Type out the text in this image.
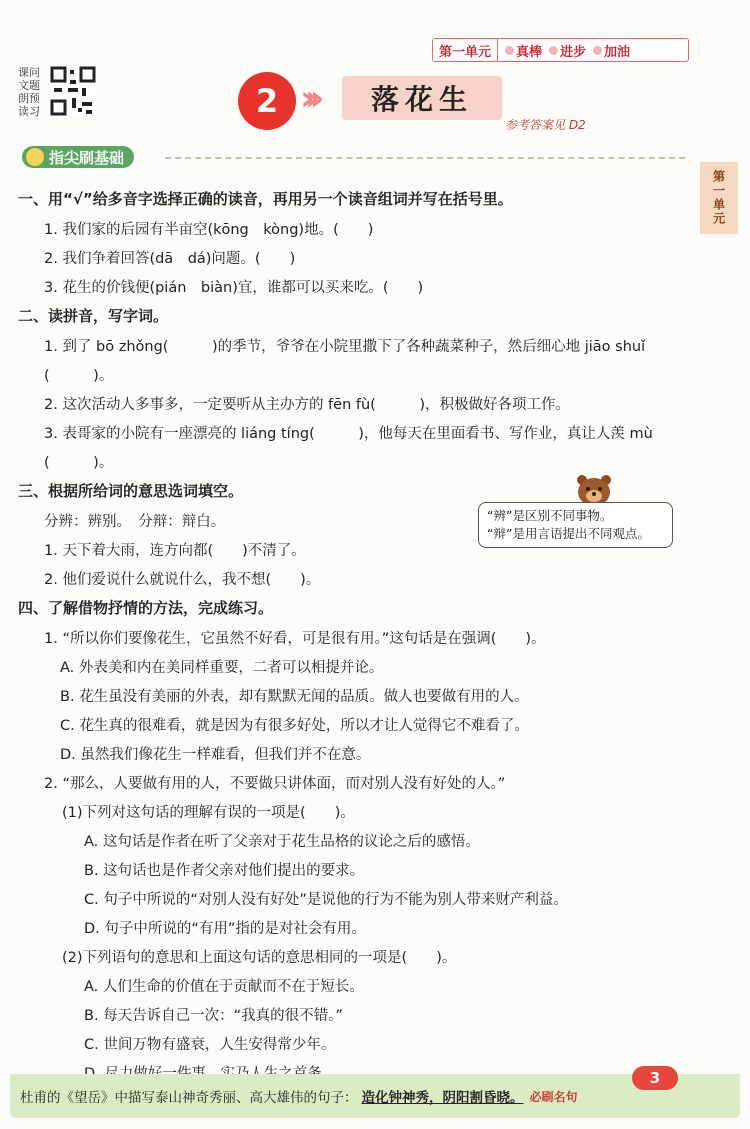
第一单元	真棒 进步 加油
课问
文题
朗预
读习	2 ›››	落花生
参考答案见 D2
指尖刷基础
第一单元
一、用“√”给多音字选择正确的读音，再用另一个读音组词并写在括号里。
1. 我们家的后园有半亩空(kōng　kòng)地。(　　)
2. 我们争着回答(dā　dá)问题。(　　)
3. 花生的价钱便(pián　biàn)宜，谁都可以买来吃。(　　)
二、读拼音，写字词。
1. 到了 bō zhǒng(　　　)的季节，爷爷在小院里撒下了各种蔬菜种子，然后细心地 jiāo shuǐ
(　　　)。
2. 这次活动人多事多，一定要听从主办方的 fēn fù(　　　)，积极做好各项工作。
3. 表哥家的小院有一座漂亮的 liáng tíng(　　　)，他每天在里面看书、写作业，真让人羡 mù
(　　　)。
三、根据所给词的意思选词填空。
分辨：辨别。　分辩：辩白。
1. 天下着大雨，连方向都(　　)不清了。
2. 他们爱说什么就说什么，我不想(　　)。
四、了解借物抒情的方法，完成练习。
1. “所以你们要像花生，它虽然不好看，可是很有用。”这句话是在强调(　　)。
A. 外表美和内在美同样重要，二者可以相提并论。
B. 花生虽没有美丽的外表，却有默默无闻的品质。做人也要做有用的人。
C. 花生真的很难看，就是因为有很多好处，所以才让人觉得它不难看了。
D. 虽然我们像花生一样难看，但我们并不在意。
2. “那么，人要做有用的人，不要做只讲体面，而对别人没有好处的人。”
(1)下列对这句话的理解有误的一项是(　　)。
A. 这句话是作者在听了父亲对于花生品格的议论之后的感悟。
B. 这句话也是作者父亲对他们提出的要求。
C. 句子中所说的“对别人没有好处”是说他的行为不能为别人带来财产利益。
D. 句子中所说的“有用”指的是对社会有用。
(2)下列语句的意思和上面这句话的意思相同的一项是(　　)。
A. 人们生命的价值在于贡献而不在于短长。
B. 每天告诉自己一次：“我真的很不错。”
C. 世间万物有盛衰，人生安得常少年。
“辨”是区别不同事物。
“辩”是用言语提出不同观点。
杜甫的《望岳》中描写泰山神奇秀丽、高大雄伟的句子： 造化钟神秀，阴阳割昏晓。 必刷名句
3
